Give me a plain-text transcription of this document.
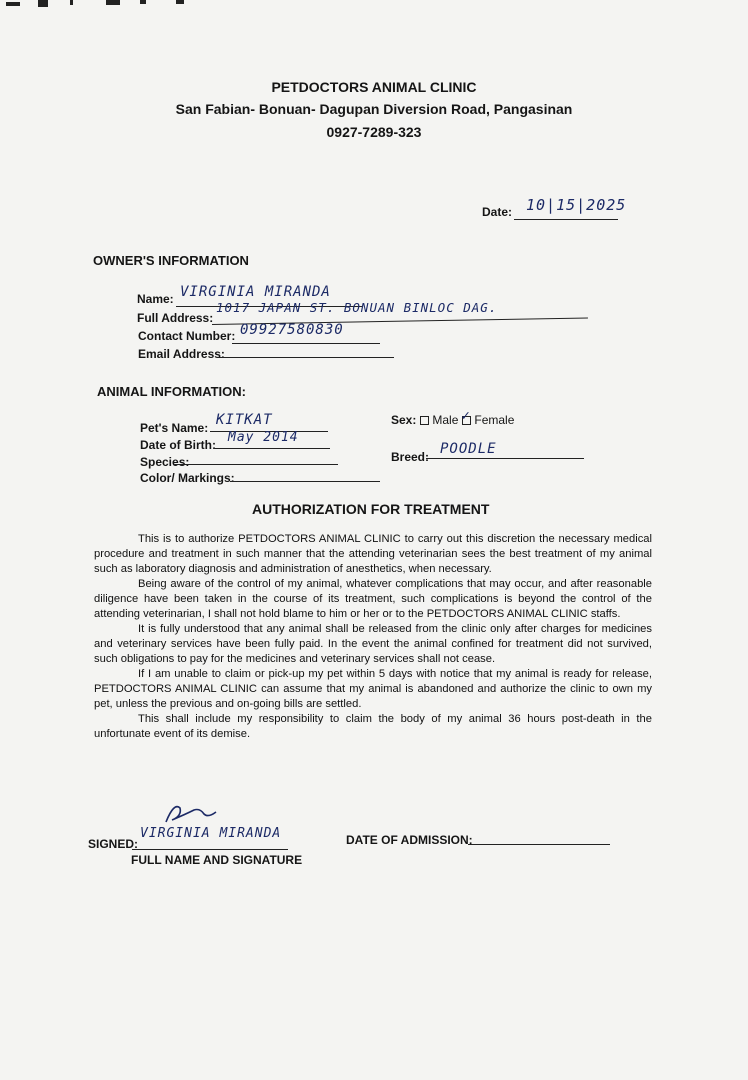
PETDOCTORS ANIMAL CLINIC
San Fabian- Bonuan- Dagupan Diversion Road, Pangasinan
0927-7289-323
Date: 10|15|2025
OWNER'S INFORMATION
Name: VIRGINIA MIRANDA
Full Address:
1017 JAPAN ST. BONUAN BINLOC DAG.
Contact Number: 09927580830
Email Address:
ANIMAL INFORMATION:
Pet's Name: KITKAT
Date of Birth: May 2014
Species:
Color/ Markings:
Sex: Male ✓ Female
Breed: POODLE
AUTHORIZATION FOR TREATMENT

This is to authorize PETDOCTORS ANIMAL CLINIC to carry out this discretion the necessary medical procedure and treatment in such manner that the attending veterinarian sees the best treatment of my animal such as laboratory diagnosis and administration of anesthetics, when necessary.

Being aware of the control of my animal, whatever complications that may occur, and after reasonable diligence have been taken in the course of its treatment, such complications is beyond the control of the attending veterinarian, I shall not hold blame to him or her or to the PETDOCTORS ANIMAL CLINIC staffs.

It is fully understood that any animal shall be released from the clinic only after charges for medicines and veterinary services have been fully paid. In the event the animal confined for treatment did not survived, such obligations to pay for the medicines and veterinary services shall not cease.

If I am unable to claim or pick-up my pet within 5 days with notice that my animal is ready for release, PETDOCTORS ANIMAL CLINIC can assume that my animal is abandoned and authorize the clinic to own my pet, unless the previous and on-going bills are settled.

This shall include my responsibility to claim the body of my animal 36 hours post-death in the unfortunate event of its demise.

SIGNED:
VIRGINIA MIRANDA
FULL NAME AND SIGNATURE
DATE OF ADMISSION:
